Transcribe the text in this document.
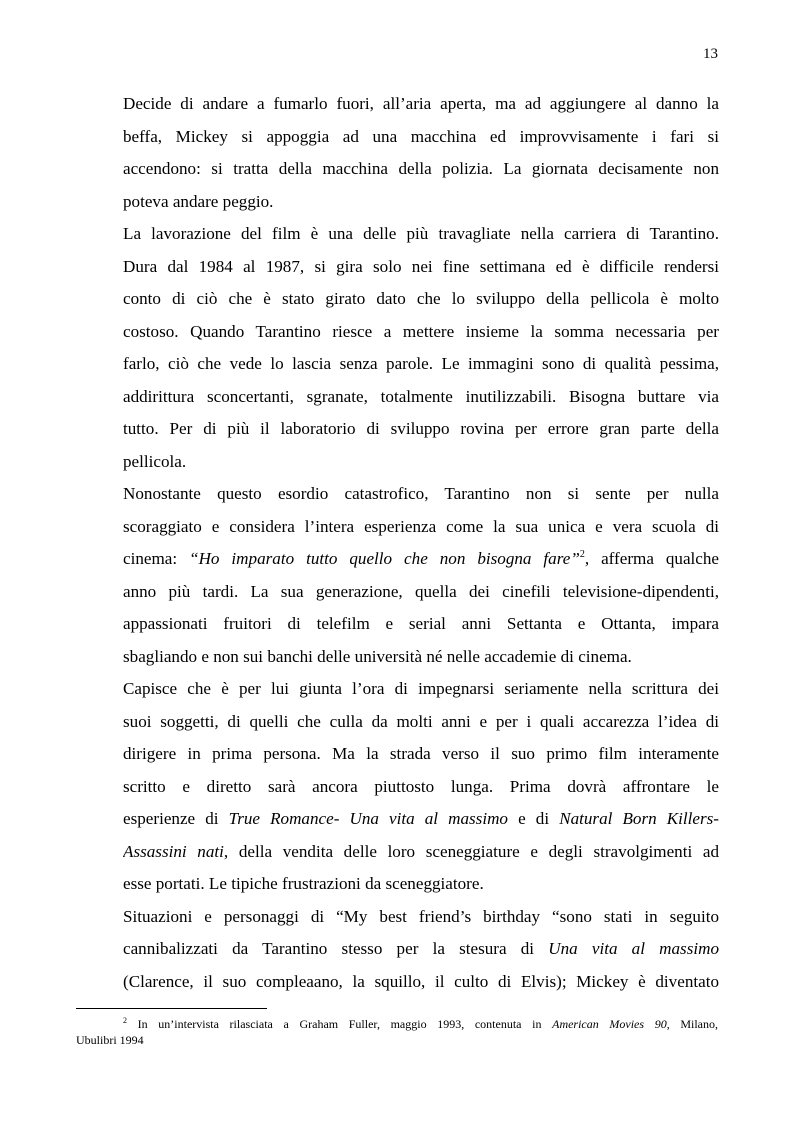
13

Decide di andare a fumarlo fuori, all’aria aperta, ma ad aggiungere al danno la
beffa, Mickey si appoggia ad una macchina ed improvvisamente i fari si
accendono: si tratta della macchina della polizia. La giornata decisamente non
poteva andare peggio.

La lavorazione del film è una delle più travagliate nella carriera di Tarantino.
Dura dal 1984 al 1987, si gira solo nei fine settimana ed è difficile rendersi
conto di ciò che è stato girato dato che lo sviluppo della pellicola è molto
costoso. Quando Tarantino riesce a mettere insieme la somma necessaria per
farlo, ciò che vede lo lascia senza parole. Le immagini sono di qualità pessima,
addirittura sconcertanti, sgranate, totalmente inutilizzabili. Bisogna buttare via
tutto. Per di più il laboratorio di sviluppo rovina per errore gran parte della
pellicola.

Nonostante questo esordio catastrofico, Tarantino non si sente per nulla
scoraggiato e considera l’intera esperienza come la sua unica e vera scuola di
cinema: “Ho imparato tutto quello che non bisogna fare”$^2$, afferma qualche
anno più tardi. La sua generazione, quella dei cinefili televisione-dipendenti,
appassionati fruitori di telefilm e serial anni Settanta e Ottanta, impara
sbagliando e non sui banchi delle università né nelle accademie di cinema.

Capisce che è per lui giunta l’ora di impegnarsi seriamente nella scrittura dei
suoi soggetti, di quelli che culla da molti anni e per i quali accarezza l’idea di
dirigere in prima persona. Ma la strada verso il suo primo film interamente
scritto e diretto sarà ancora piuttosto lunga. Prima dovrà affrontare le
esperienze di True Romance- Una vita al massimo e di Natural Born Killers-
Assassini nati, della vendita delle loro sceneggiature e degli stravolgimenti ad
esse portati. Le tipiche frustrazioni da sceneggiatore.

Situazioni e personaggi di “My best friend’s birthday “sono stati in seguito
cannibalizzati da Tarantino stesso per la stesura di Una vita al massimo
(Clarence, il suo compleaano, la squillo, il culto di Elvis); Mickey è diventato

$^2$ In un’intervista rilasciata a Graham Fuller, maggio 1993, contenuta in American Movies 90, Milano,
Ubulibri 1994
